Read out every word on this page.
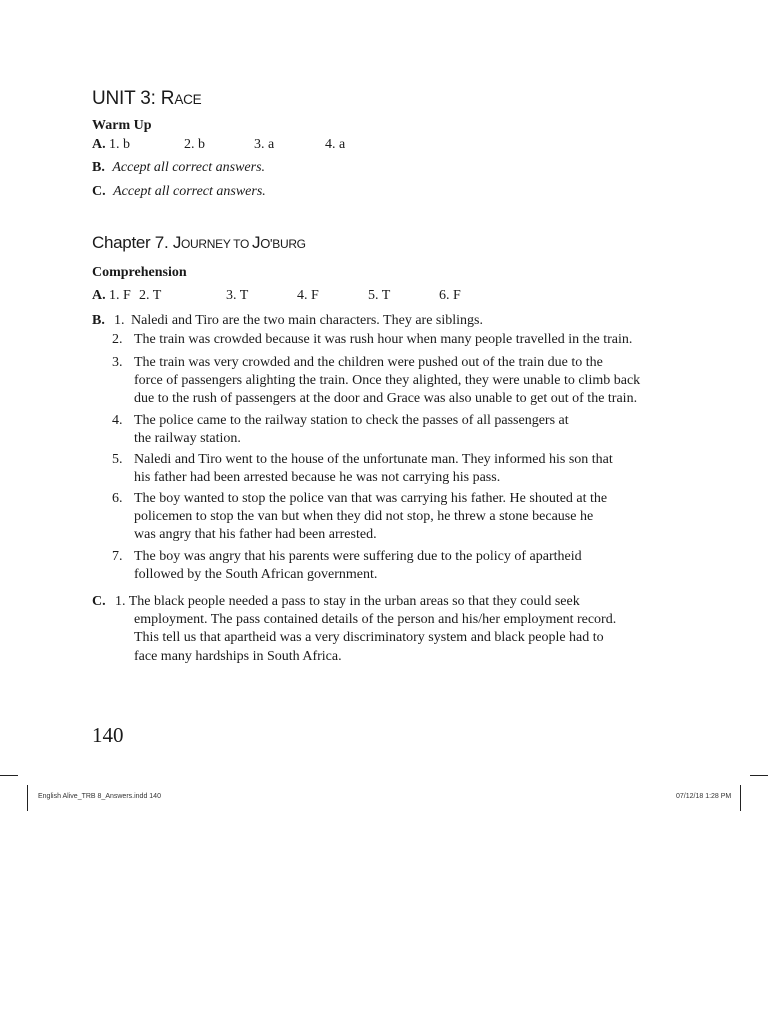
UNIT 3: RACE
Warm Up
A. 1. b	2. b	3. a	4. a
B. Accept all correct answers.
C. Accept all correct answers.
Chapter 7. JOURNEY TO JO'BURG
Comprehension
A. 1. F 2. T	3. T	4. F	5. T	6. F
B. 1. Naledi and Tiro are the two main characters. They are siblings.
2. The train was crowded because it was rush hour when many people travelled in the train.
3. The train was very crowded and the children were pushed out of the train due to the
force of passengers alighting the train. Once they alighted, they were unable to climb back
due to the rush of passengers at the door and Grace was also unable to get out of the train.
4. The police came to the railway station to check the passes of all passengers at
the railway station.
5. Naledi and Tiro went to the house of the unfortunate man. They informed his son that
his father had been arrested because he was not carrying his pass.
6. The boy wanted to stop the police van that was carrying his father. He shouted at the
policemen to stop the van but when they did not stop, he threw a stone because he
was angry that his father had been arrested.
7. The boy was angry that his parents were suffering due to the policy of apartheid
followed by the South African government.
C. 1. The black people needed a pass to stay in the urban areas so that they could seek
employment. The pass contained details of the person and his/her employment record.
This tell us that apartheid was a very discriminatory system and black people had to
face many hardships in South Africa.
140
English Alive_TRB 8_Answers.indd 140	07/12/18 1:28 PM
